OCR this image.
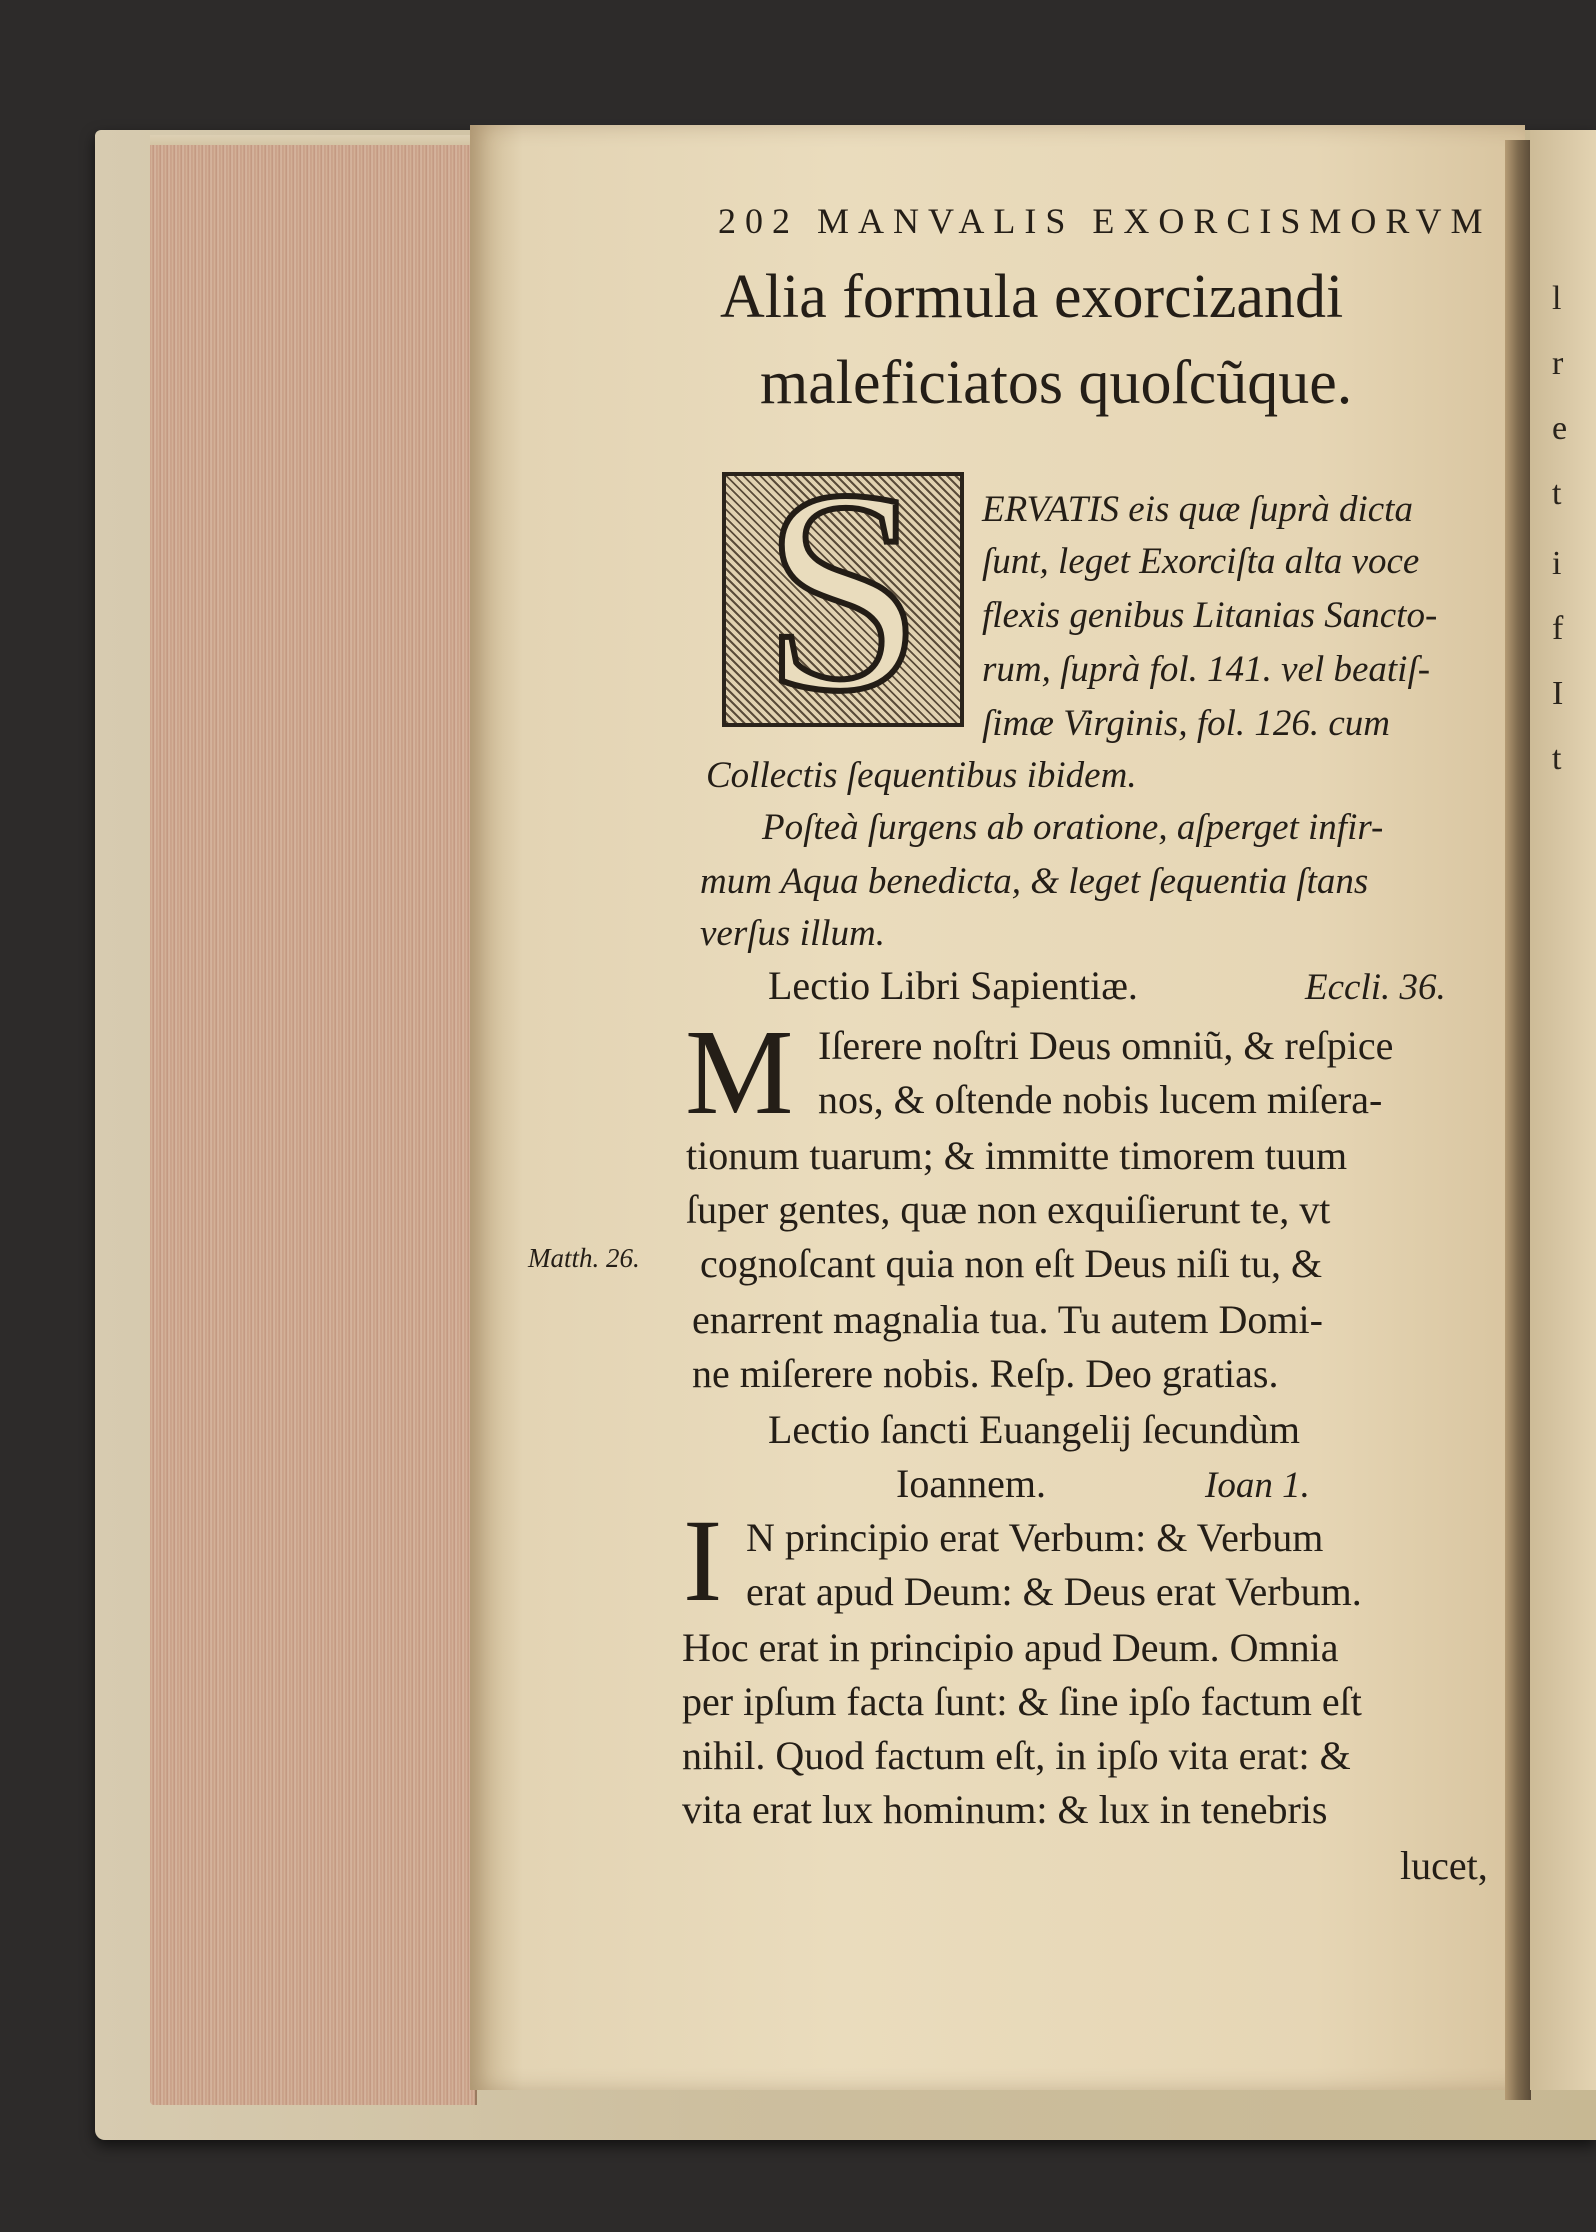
l
r
e
t
i
f
I
t
202 MANVALIS EXORCISMORVM
Alia formula exorcizandi
maleficiatos quoſcũque.
S	ERVATIS eis quæ ſuprà dicta
ſunt, leget Exorciſta alta voce
flexis genibus Litanias Sancto-
rum, ſuprà fol. 141. vel beatiſ-
ſimæ Virginis, fol. 126. cum
Collectis ſequentibus ibidem.
Poſteà ſurgens ab oratione, aſperget infir-
mum Aqua benedicta, & leget ſequentia ſtans
verſus illum.
Lectio Libri Sapientiæ.	Eccli. 36.
M Iſerere noſtri Deus omniũ, & reſpice
nos, & oſtende nobis lucem miſera-
tionum tuarum; & immitte timorem tuum
ſuper gentes, quæ non exquiſierunt te, vt
Matth. 26. cognoſcant quia non eſt Deus niſi tu, &
enarrent magnalia tua. Tu autem Domi-
ne miſerere nobis. Reſp. Deo gratias.
Lectio ſancti Euangelij ſecundùm
Ioannem.	Ioan 1.
I N principio erat Verbum: & Verbum
erat apud Deum: & Deus erat Verbum.
Hoc erat in principio apud Deum. Omnia
per ipſum facta ſunt: & ſine ipſo factum eſt
nihil. Quod factum eſt, in ipſo vita erat: &
vita erat lux hominum: & lux in tenebris
lucet,
